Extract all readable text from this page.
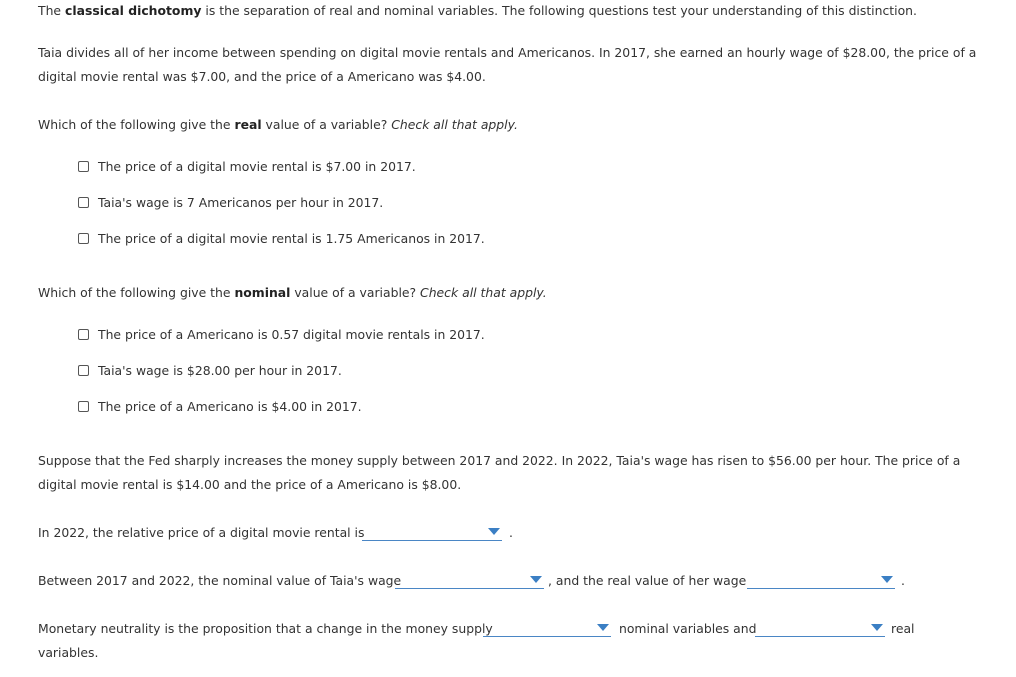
The classical dichotomy is the separation of real and nominal variables. The following questions test your understanding of this distinction.
Taia divides all of her income between spending on digital movie rentals and Americanos. In 2017, she earned an hourly wage of $28.00, the price of a
digital movie rental was $7.00, and the price of a Americano was $4.00.
Which of the following give the real value of a variable? Check all that apply.
The price of a digital movie rental is $7.00 in 2017.
Taia's wage is 7 Americanos per hour in 2017.
The price of a digital movie rental is 1.75 Americanos in 2017.
Which of the following give the nominal value of a variable? Check all that apply.
The price of a Americano is 0.57 digital movie rentals in 2017.
Taia's wage is $28.00 per hour in 2017.
The price of a Americano is $4.00 in 2017.
Suppose that the Fed sharply increases the money supply between 2017 and 2022. In 2022, Taia's wage has risen to $56.00 per hour. The price of a
digital movie rental is $14.00 and the price of a Americano is $8.00.
In 2022, the relative price of a digital movie rental is	.
Between 2017 and 2022, the nominal value of Taia's wage	, and the real value of her wage	.
Monetary neutrality is the proposition that a change in the money supply	nominal variables and	real
variables.
